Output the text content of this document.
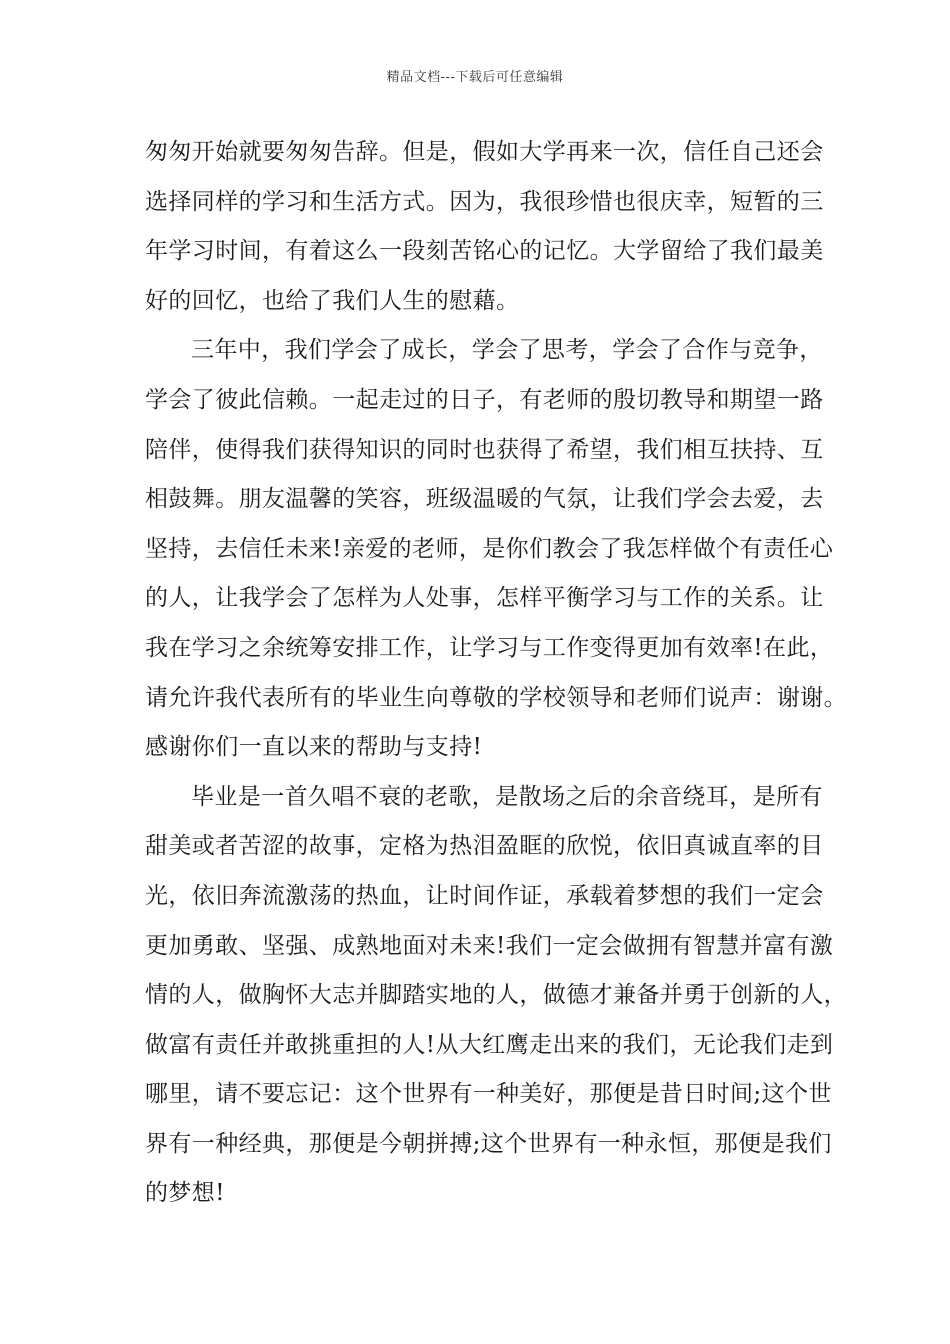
精品文档---下载后可任意编辑
匆匆开始就要匆匆告辞。但是，假如大学再来一次，信任自己还会
选择同样的学习和生活方式。因为，我很珍惜也很庆幸，短暂的三
年学习时间，有着这么一段刻苦铭心的记忆。大学留给了我们最美
好的回忆，也给了我们人生的慰藉。
三年中，我们学会了成长，学会了思考，学会了合作与竞争，
学会了彼此信赖。一起走过的日子，有老师的殷切教导和期望一路
陪伴，使得我们获得知识的同时也获得了希望，我们相互扶持、互
相鼓舞。朋友温馨的笑容，班级温暖的气氛，让我们学会去爱，去
坚持，去信任未来!亲爱的老师，是你们教会了我怎样做个有责任心
的人，让我学会了怎样为人处事，怎样平衡学习与工作的关系。让
我在学习之余统筹安排工作，让学习与工作变得更加有效率!在此，
请允许我代表所有的毕业生向尊敬的学校领导和老师们说声：谢谢。
感谢你们一直以来的帮助与支持!
毕业是一首久唱不衰的老歌，是散场之后的余音绕耳，是所有
甜美或者苦涩的故事，定格为热泪盈眶的欣悦，依旧真诚直率的目
光，依旧奔流激荡的热血，让时间作证，承载着梦想的我们一定会
更加勇敢、坚强、成熟地面对未来!我们一定会做拥有智慧并富有激
情的人，做胸怀大志并脚踏实地的人，做德才兼备并勇于创新的人，
做富有责任并敢挑重担的人!从大红鹰走出来的我们，无论我们走到
哪里，请不要忘记：这个世界有一种美好，那便是昔日时间;这个世
界有一种经典，那便是今朝拼搏;这个世界有一种永恒，那便是我们
的梦想!
